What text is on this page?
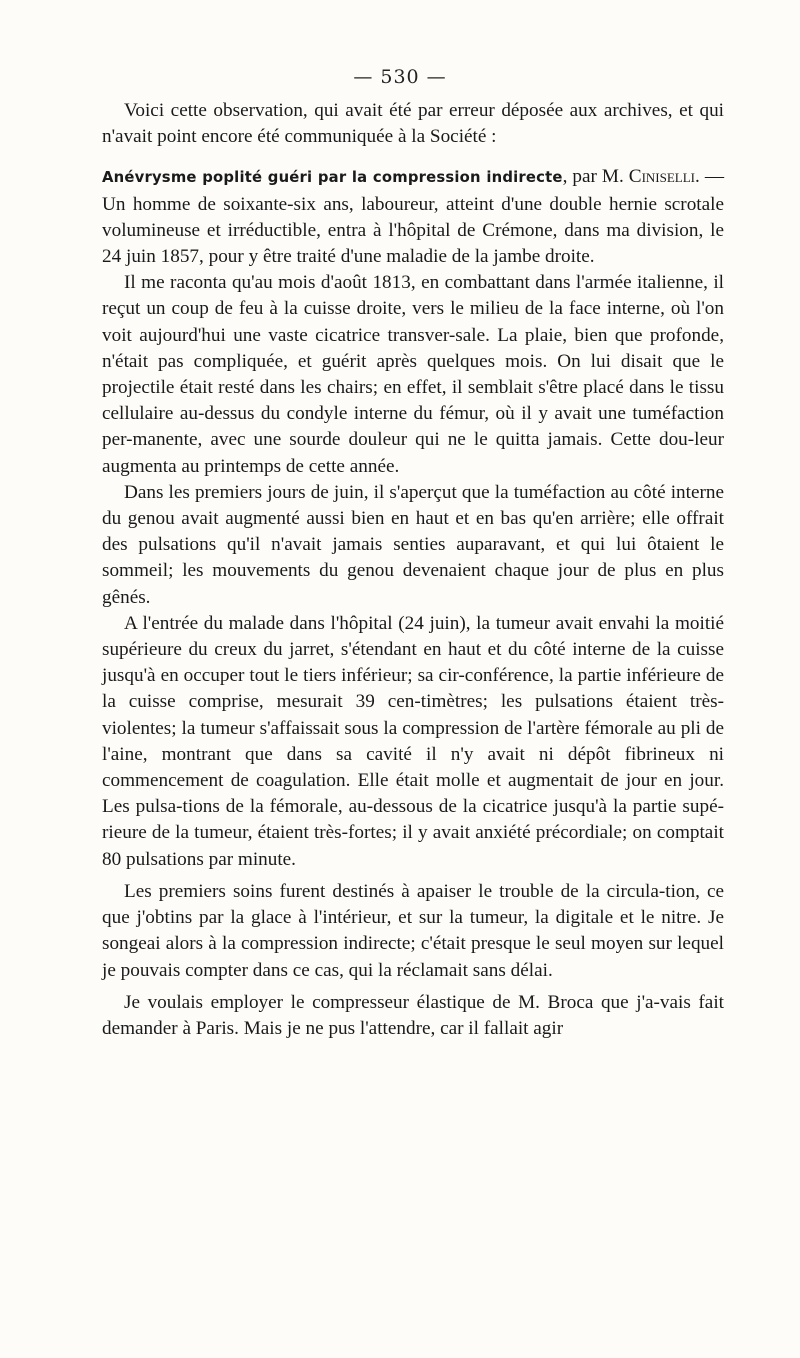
— 530 —

Voici cette observation, qui avait été par erreur déposée aux archives, et qui n'avait point encore été communiquée à la Société :

Anévrysme poplité guéri par la compression indirecte, par M. Ciniselli. — Un homme de soixante-six ans, laboureur, atteint d'une double hernie scrotale volumineuse et irréductible, entra à l'hôpital de Crémone, dans ma division, le 24 juin 1857, pour y être traité d'une maladie de la jambe droite.

Il me raconta qu'au mois d'août 1813, en combattant dans l'armée italienne, il reçut un coup de feu à la cuisse droite, vers le milieu de la face interne, où l'on voit aujourd'hui une vaste cicatrice transver-sale. La plaie, bien que profonde, n'était pas compliquée, et guérit après quelques mois. On lui disait que le projectile était resté dans les chairs; en effet, il semblait s'être placé dans le tissu cellulaire au-dessus du condyle interne du fémur, où il y avait une tuméfaction per-manente, avec une sourde douleur qui ne le quitta jamais. Cette dou-leur augmenta au printemps de cette année.

Dans les premiers jours de juin, il s'aperçut que la tuméfaction au côté interne du genou avait augmenté aussi bien en haut et en bas qu'en arrière; elle offrait des pulsations qu'il n'avait jamais senties auparavant, et qui lui ôtaient le sommeil; les mouvements du genou devenaient chaque jour de plus en plus gênés.

A l'entrée du malade dans l'hôpital (24 juin), la tumeur avait envahi la moitié supérieure du creux du jarret, s'étendant en haut et du côté interne de la cuisse jusqu'à en occuper tout le tiers inférieur; sa cir-conférence, la partie inférieure de la cuisse comprise, mesurait 39 cen-timètres; les pulsations étaient très-violentes; la tumeur s'affaissait sous la compression de l'artère fémorale au pli de l'aine, montrant que dans sa cavité il n'y avait ni dépôt fibrineux ni commencement de coagulation. Elle était molle et augmentait de jour en jour. Les pulsa-tions de la fémorale, au-dessous de la cicatrice jusqu'à la partie supé-rieure de la tumeur, étaient très-fortes; il y avait anxiété précordiale; on comptait 80 pulsations par minute.

Les premiers soins furent destinés à apaiser le trouble de la circula-tion, ce que j'obtins par la glace à l'intérieur, et sur la tumeur, la digitale et le nitre. Je songeai alors à la compression indirecte; c'était presque le seul moyen sur lequel je pouvais compter dans ce cas, qui la réclamait sans délai.

Je voulais employer le compresseur élastique de M. Broca que j'a-vais fait demander à Paris. Mais je ne pus l'attendre, car il fallait agir
